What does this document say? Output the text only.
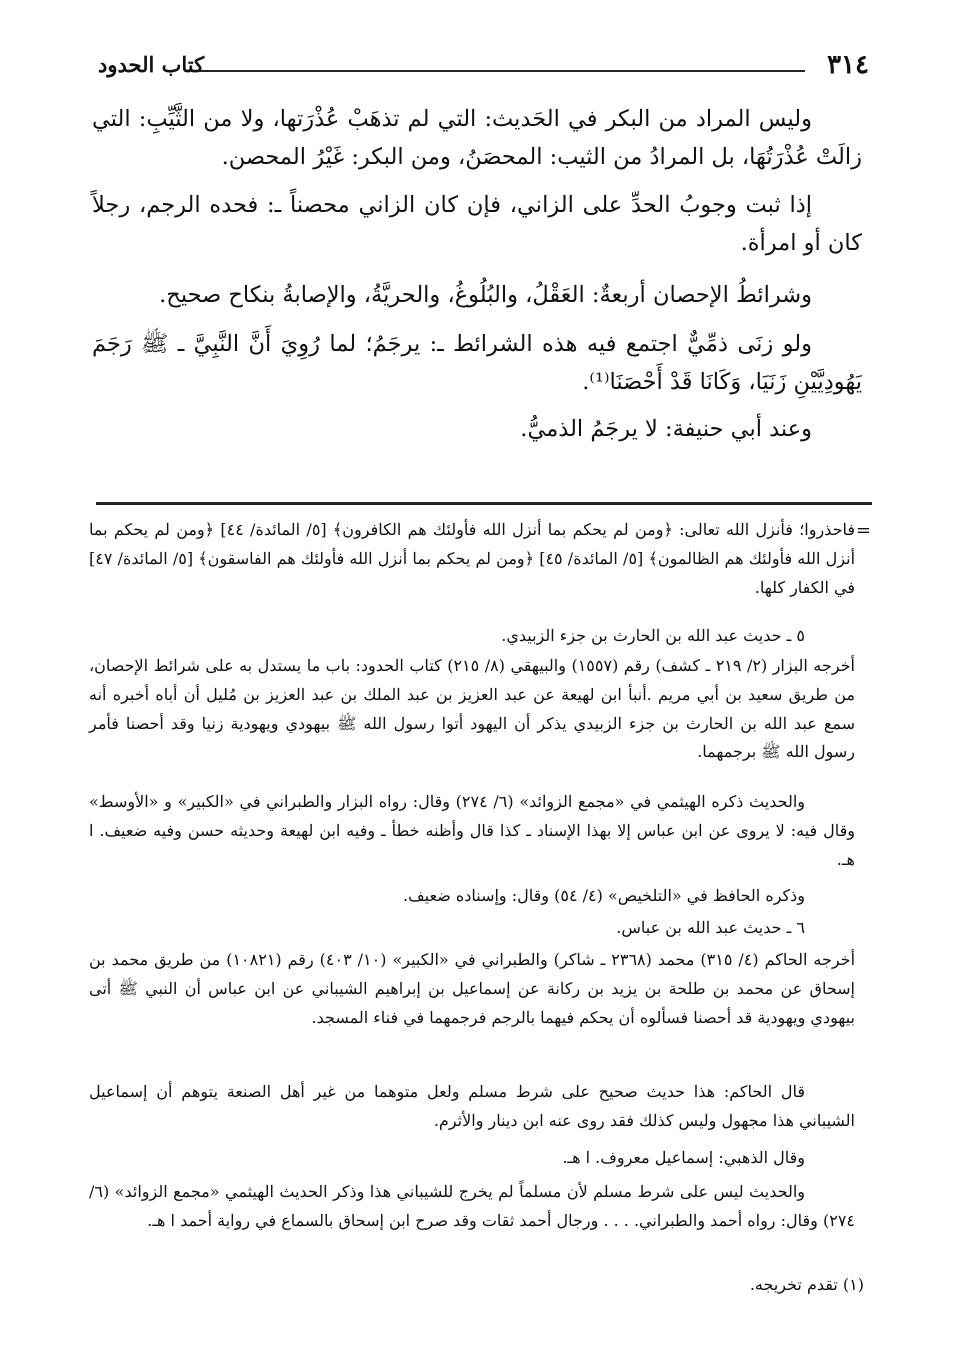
٣١٤
كتاب الحدود

وليس المراد من البكر في الحَديث: التي لم تذهَبْ عُذْرَتها، ولا من الثَّيِّبِ: التي زالَتْ عُذْرَتُهَا، بل المرادُ من الثيب: المحصَنُ، ومن البكر: غَيْرُ المحصن.

إذا ثبت وجوبُ الحدِّ على الزاني، فإن كان الزاني محصناً ـ: فحده الرجم، رجلاً كان أو امرأة.

وشرائطُ الإحصان أربعةٌ: العَقْلُ، والبُلُوغُ، والحريَّةُ، والإصابةُ بنكاح صحيح.

ولو زنَى ذمِّيٌّ اجتمع فيه هذه الشرائط ـ: يرجَمُ؛ لما رُوِيَ أَنَّ النَّبِيَّ ـ ﷺ رَجَمَ يَهُودِيَّيْنِ زَنَيَا، وَكَانَا قَدْ أَحْصَنَا⁽¹⁾.

وعند أبي حنيفة: لا يرجَمُ الذميُّ.

=

فاحذروا؛ فأنزل الله تعالى: ﴿ومن لم يحكم بما أنزل الله فأولئك هم الكافرون﴾ [٥/ المائدة/ ٤٤] ﴿ومن لم يحكم بما أنزل الله فأولئك هم الظالمون﴾ [٥/ المائدة/ ٤٥] ﴿ومن لم يحكم بما أنزل الله فأولئك هم الفاسقون﴾ [٥/ المائدة/ ٤٧] في الكفار كلها.

٥ ـ حديث عبد الله بن الحارث بن جزء الزبيدي.

أخرجه البزار (٢/ ٢١٩ ـ كشف) رقم (١٥٥٧) والبيهقي (٨/ ٢١٥) كتاب الحدود: باب ما يستدل به على شرائط الإحصان، من طريق سعيد بن أبي مريم .أنبأ ابن لهيعة عن عبد العزيز بن عبد الملك بن عبد العزيز بن مُليل أن أباه أخبره أنه سمع عبد الله بن الحارث بن جزء الزبيدي يذكر أن اليهود أتوا رسول الله ﷺ بيهودي ويهودية زنيا وقد أحصنا فأمر رسول الله ﷺ برجمهما.

والحديث ذكره الهيثمي في «مجمع الزوائد» (٦/ ٢٧٤) وقال: رواه البزار والطبراني في «الكبير» و «الأوسط» وقال فيه: لا يروى عن ابن عباس إلا بهذا الإسناد ـ كذا قال وأظنه خطأ ـ وفيه ابن لهيعة وحديثه حسن وفيه ضعيف. ا هـ.

وذكره الحافظ في «التلخيص» (٤/ ٥٤) وقال: وإسناده ضعيف.

٦ ـ حديث عبد الله بن عباس.

أخرجه الحاكم (٤/ ٣١٥) محمد (٢٣٦٨ ـ شاكر) والطبراني في «الكبير» (١٠/ ٤٠٣) رقم (١٠٨٢١) من طريق محمد بن إسحاق عن محمد بن طلحة بن يزيد بن ركانة عن إسماعيل بن إبراهيم الشيباني عن ابن عباس أن النبي ﷺ أتى بيهودي ويهودية قد أحصنا فسألوه أن يحكم فيهما بالرجم فرجمهما في فناء المسجد.

قال الحاكم: هذا حديث صحيح على شرط مسلم ولعل متوهما من غير أهل الصنعة يتوهم أن إسماعيل الشيباني هذا مجهول وليس كذلك فقد روى عنه ابن دينار والأثرم.

وقال الذهبي: إسماعيل معروف. ا هـ.

والحديث ليس على شرط مسلم لأن مسلماً لم يخرج للشيباني هذا وذكر الحديث الهيثمي «مجمع الزوائد» (٦/ ٢٧٤) وقال: رواه أحمد والطبراني. . . . ورجال أحمد ثقات وقد صرح ابن إسحاق بالسماع في رواية أحمد ا هـ.

(١) تقدم تخريجه.
